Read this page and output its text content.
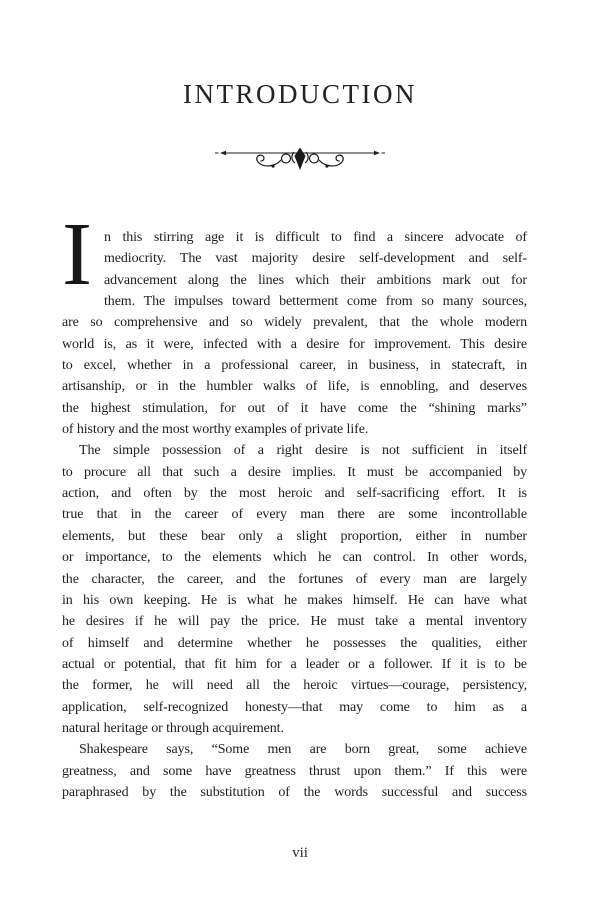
INTRODUCTION
I n this stirring age it is difficult to find a sincere advocate of
mediocrity. The vast majority desire self-development and self-
advancement along the lines which their ambitions mark out for
them. The impulses toward betterment come from so many sources,
are so comprehensive and so widely prevalent, that the whole modern
world is, as it were, infected with a desire for improvement. This desire
to excel, whether in a professional career, in business, in statecraft, in
artisanship, or in the humbler walks of life, is ennobling, and deserves
the highest stimulation, for out of it have come the “shining marks”
of history and the most worthy examples of private life.
The simple possession of a right desire is not sufficient in itself
to procure all that such a desire implies. It must be accompanied by
action, and often by the most heroic and self-sacrificing effort. It is
true that in the career of every man there are some incontrollable
elements, but these bear only a slight proportion, either in number
or importance, to the elements which he can control. In other words,
the character, the career, and the fortunes of every man are largely
in his own keeping. He is what he makes himself. He can have what
he desires if he will pay the price. He must take a mental inventory
of himself and determine whether he possesses the qualities, either
actual or potential, that fit him for a leader or a follower. If it is to be
the former, he will need all the heroic virtues—courage, persistency,
application, self-recognized honesty—that may come to him as a
natural heritage or through acquirement.
Shakespeare says, “Some men are born great, some achieve
greatness, and some have greatness thrust upon them.” If this were
paraphrased by the substitution of the words successful and success
vii
